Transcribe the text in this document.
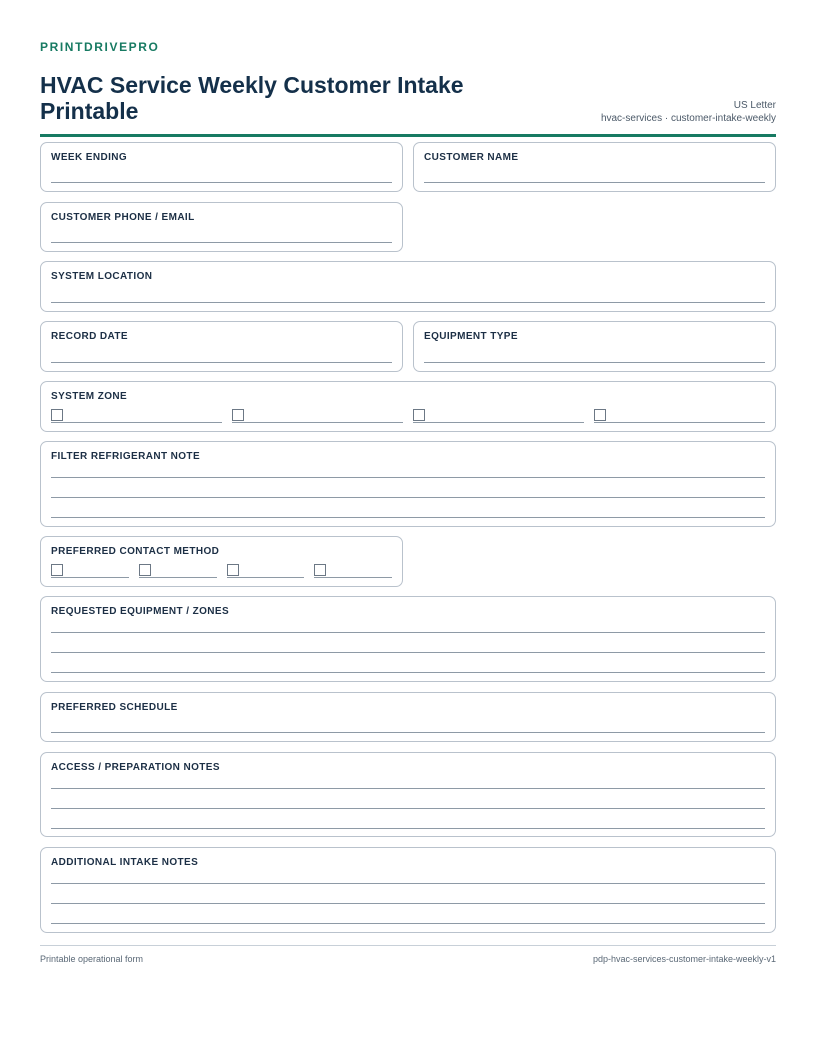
PRINTDRIVEPRO
HVAC Service Weekly Customer Intake Printable	US Letter
hvac-services · customer-intake-weekly
WEEK ENDING	CUSTOMER NAME
CUSTOMER PHONE / EMAIL
SYSTEM LOCATION
RECORD DATE	EQUIPMENT TYPE
SYSTEM ZONE
FILTER REFRIGERANT NOTE
PREFERRED CONTACT METHOD
REQUESTED EQUIPMENT / ZONES
PREFERRED SCHEDULE
ACCESS / PREPARATION NOTES
ADDITIONAL INTAKE NOTES
Printable operational form	pdp-hvac-services-customer-intake-weekly-v1
